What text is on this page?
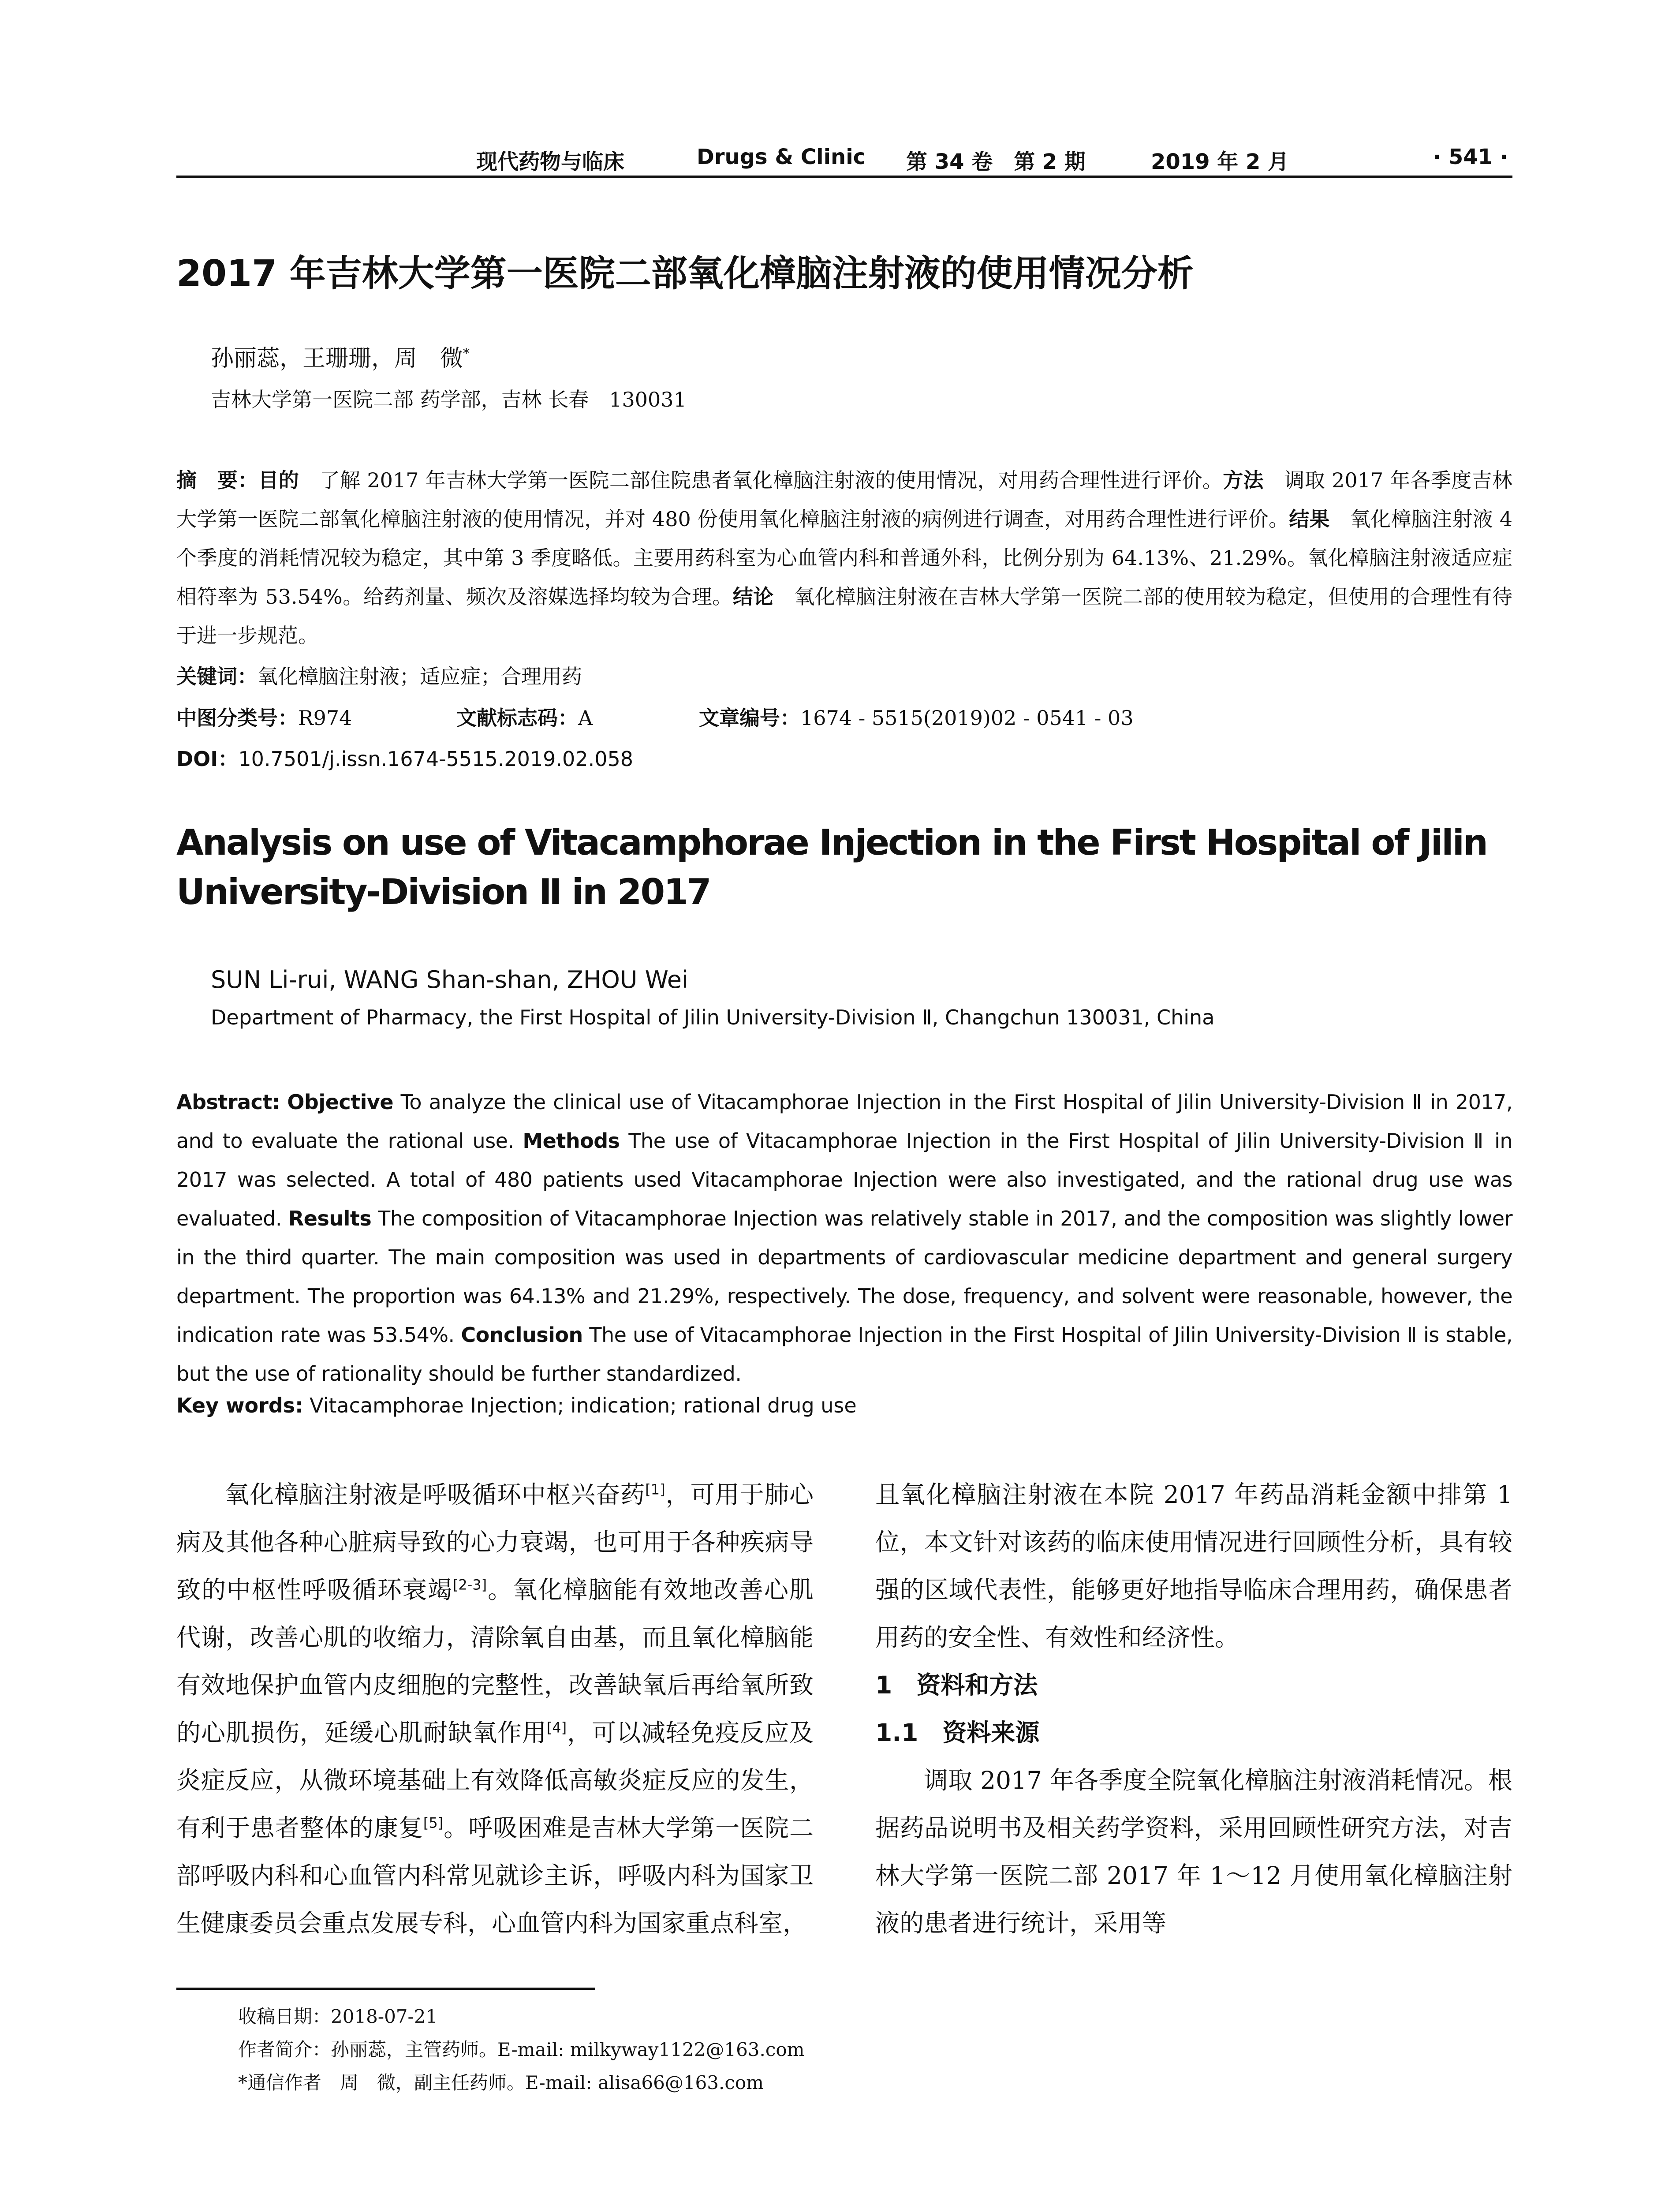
现代药物与临床	Drugs & Clinic 第 34 卷　第 2 期	2019 年 2 月	· 541 ·
2017 年吉林大学第一医院二部氧化樟脑注射液的使用情况分析
孙丽蕊，王珊珊，周　微*
吉林大学第一医院二部 药学部，吉林 长春　130031
摘　要：目的　了解 2017 年吉林大学第一医院二部住院患者氧化樟脑注射液的使用情况，对用药合理性进行评价。方法　调取 2017 年各季度吉林大学第一医院二部氧化樟脑注射液的使用情况，并对 480 份使用氧化樟脑注射液的病例进行调查，对用药合理性进行评价。结果　氧化樟脑注射液 4 个季度的消耗情况较为稳定，其中第 3 季度略低。主要用药科室为心血管内科和普通外科，比例分别为 64.13%、21.29%。氧化樟脑注射液适应症相符率为 53.54%。给药剂量、频次及溶媒选择均较为合理。结论　氧化樟脑注射液在吉林大学第一医院二部的使用较为稳定，但使用的合理性有待于进一步规范。
关键词：氧化樟脑注射液；适应症；合理用药
中图分类号：R974	文献标志码：A	文章编号：1674 - 5515(2019)02 - 0541 - 03
DOI：10.7501/j.issn.1674-5515.2019.02.058
Analysis on use of Vitacamphorae Injection in the First Hospital of Jilin University-Division Ⅱ in 2017
SUN Li-rui, WANG Shan-shan, ZHOU Wei
Department of Pharmacy, the First Hospital of Jilin University-Division Ⅱ, Changchun 130031, China
Abstract: Objective To analyze the clinical use of Vitacamphorae Injection in the First Hospital of Jilin University-Division Ⅱ in 2017, and to evaluate the rational use. Methods The use of Vitacamphorae Injection in the First Hospital of Jilin University-Division Ⅱ in 2017 was selected. A total of 480 patients used Vitacamphorae Injection were also investigated, and the rational drug use was evaluated. Results The composition of Vitacamphorae Injection was relatively stable in 2017, and the composition was slightly lower in the third quarter. The main composition was used in departments of cardiovascular medicine department and general surgery department. The proportion was 64.13% and 21.29%, respectively. The dose, frequency, and solvent were reasonable, however, the indication rate was 53.54%. Conclusion The use of Vitacamphorae Injection in the First Hospital of Jilin University-Division Ⅱ is stable, but the use of rationality should be further standardized.
Key words: Vitacamphorae Injection; indication; rational drug use

氧化樟脑注射液是呼吸循环中枢兴奋药[1]，可用于肺心病及其他各种心脏病导致的心力衰竭，也可用于各种疾病导致的中枢性呼吸循环衰竭[2-3]。氧化樟脑能有效地改善心肌代谢，改善心肌的收缩力，清除氧自由基，而且氧化樟脑能有效地保护血管内皮细胞的完整性，改善缺氧后再给氧所致的心肌损伤，延缓心肌耐缺氧作用[4]，可以减轻免疫反应及炎症反应，从微环境基础上有效降低高敏炎症反应的发生，有利于患者整体的康复[5]。呼吸困难是吉林大学第一医院二部呼吸内科和心血管内科常见就诊主诉，呼吸内科为国家卫生健康委员会重点发展专科，心血管内科为国家重点科室，

且氧化樟脑注射液在本院 2017 年药品消耗金额中排第 1 位，本文针对该药的临床使用情况进行回顾性分析，具有较强的区域代表性，能够更好地指导临床合理用药，确保患者用药的安全性、有效性和经济性。

1　资料和方法
1.1　资料来源

调取 2017 年各季度全院氧化樟脑注射液消耗情况。根据药品说明书及相关药学资料，采用回顾性研究方法，对吉林大学第一医院二部 2017 年 1～12 月使用氧化樟脑注射液的患者进行统计，采用等

收稿日期：2018-07-21
作者简介：孙丽蕊，主管药师。E-mail: milkyway1122@163.com
*通信作者　周　微，副主任药师。E-mail: alisa66@163.com
